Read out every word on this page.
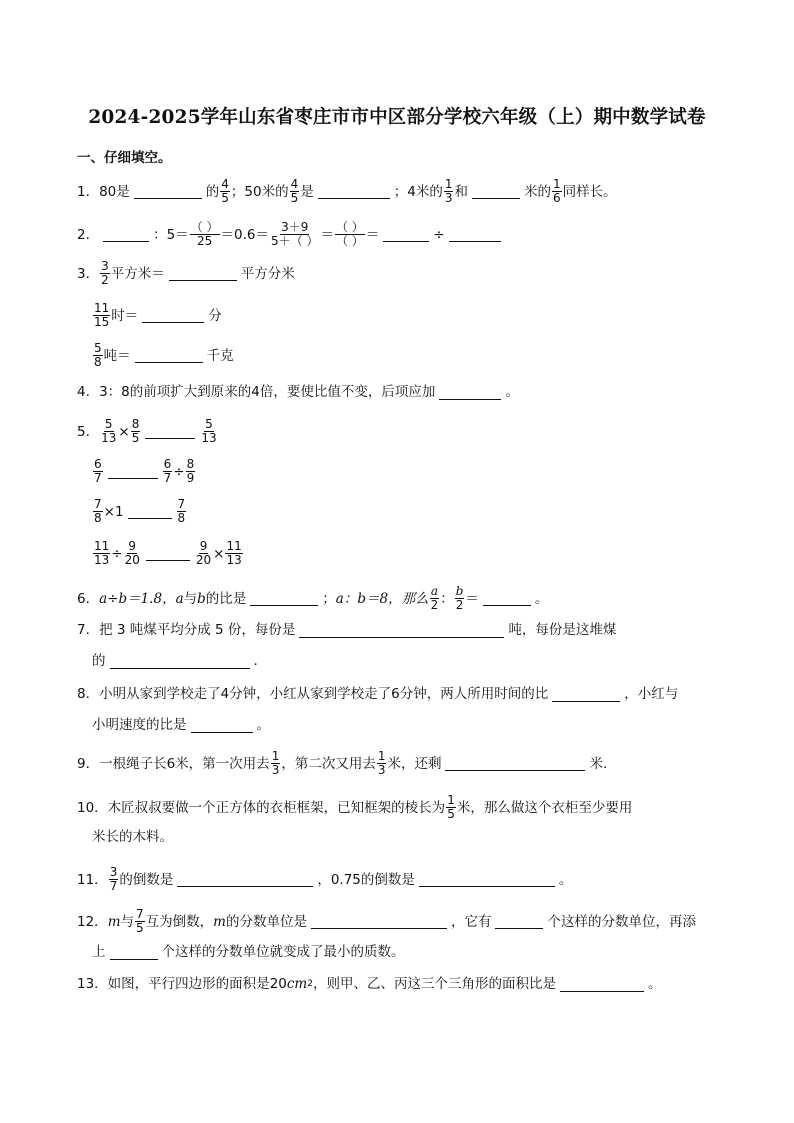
2024-2025学年山东省枣庄市市中区部分学校六年级（上）期中数学试卷
一、仔细填空。
1．80是	的 $\frac{4}{5}$ ；50米的 $\frac{4}{5}$ 是	；4米的 $\frac{1}{3}$ 和	米的 $\frac{1}{6}$ 同样长。
2．	：$5= \frac{( )}{25} =0.6= \frac{3+9}{5+( )} = \frac{( )}{( )}$ ＝	÷
3． $\frac{3}{2}$ 平方米＝	平方分米
$\frac{11}{15}$ 时＝	分
$\frac{5}{8}$ 吨＝	千克
4．3：8的前项扩大到原来的4倍，要使比值不变，后项应加	。
5． $\frac{5}{13} \times \frac{8}{5}$	$\frac{5}{13}$
$\frac{6}{7}$	$\frac{6}{7} \div \frac{8}{9}$
$\frac{7}{8} \times 1$	$\frac{7}{8}$
$\frac{11}{13} \div \frac{9}{20}$	$\frac{9}{20} \times \frac{11}{13}$
6． a÷b＝1.8， a 与 b 的比是	； a：b＝8，那么 $\frac{a}{2}$ ： $\frac{b}{2}$ ＝	。
7．把 3 吨煤平均分成 5 份，每份是	吨，每份是这堆煤
的	.
8．小明从家到学校走了4分钟，小红从家到学校走了6分钟，两人所用时间的比	，小红与
小明速度的比是	。
9．一根绳子长6米，第一次用去 $\frac{1}{3}$ ，第二次又用去 $\frac{1}{3}$ 米，还剩	米.
10．木匠叔叔要做一个正方体的衣柜框架，已知框架的棱长为 $\frac{1}{5}$ 米，那么做这个衣柜至少要用
米长的木料。
11． $\frac{3}{7}$ 的倒数是	，0.75的倒数是	。
12． m 与 $\frac{7}{5}$ 互为倒数， m 的分数单位是	，它有	个这样的分数单位，再添
上	个这样的分数单位就变成了最小的质数。
13．如图，平行四边形的面积是 20 cm 2 ，则甲、乙、丙这三个三角形的面积比是	。
